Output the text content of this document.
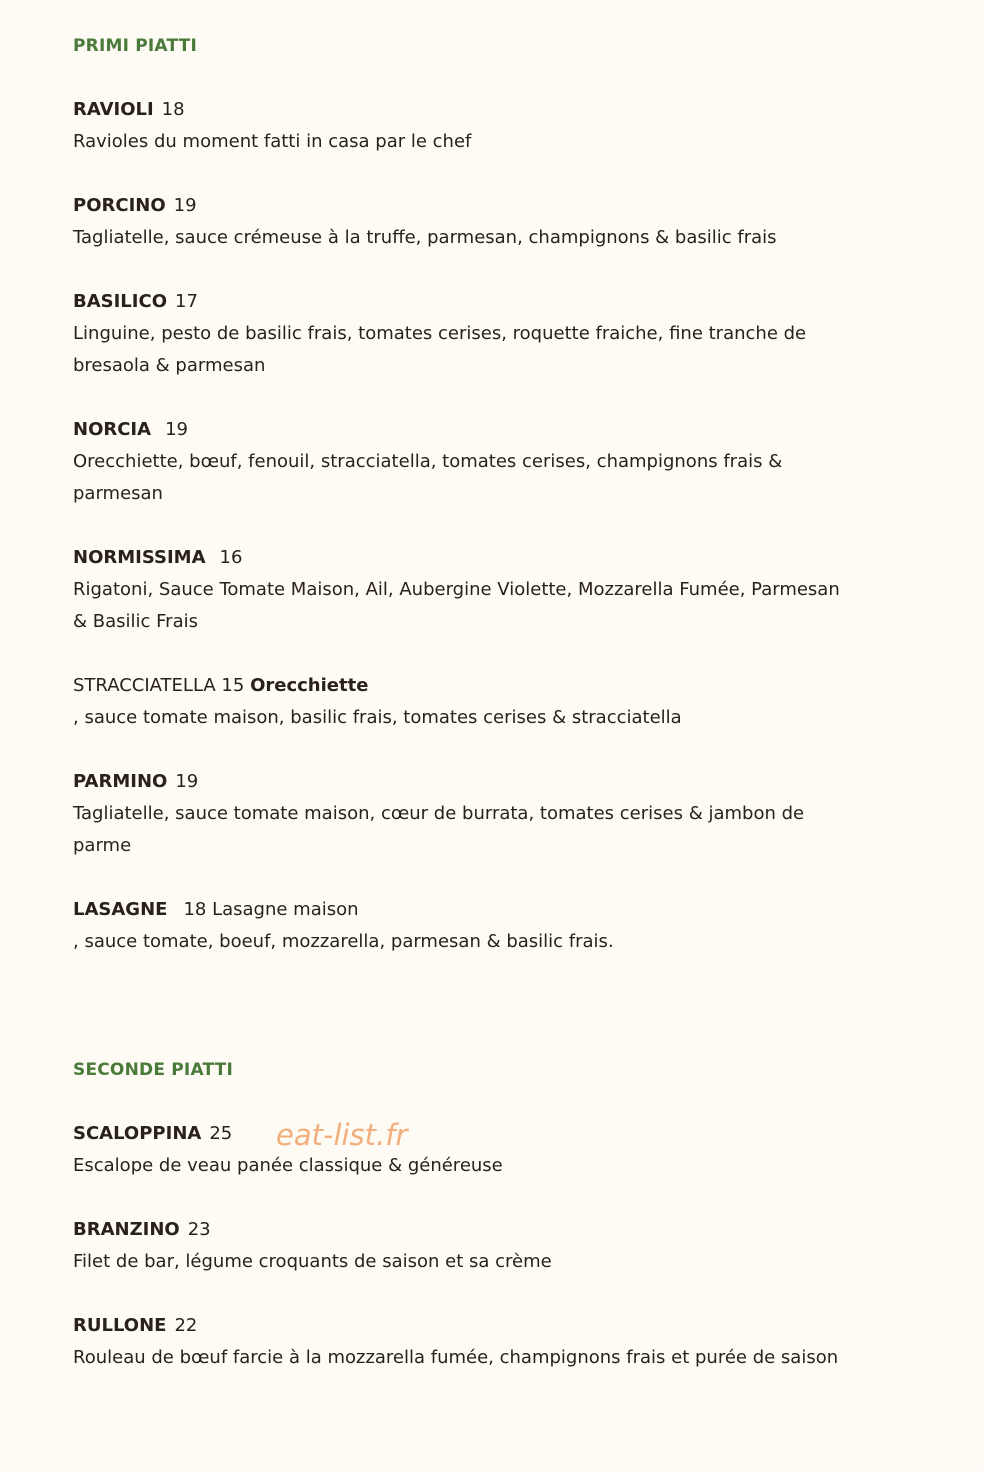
PRIMI PIATTI
RAVIOLI 18
Ravioles du moment fatti in casa par le chef
PORCINO 19
Tagliatelle, sauce crémeuse à la truffe, parmesan, champignons & basilic frais
BASILICO 17
Linguine, pesto de basilic frais, tomates cerises, roquette fraiche, fine tranche de bresaola & parmesan
NORCIA 19
Orecchiette, bœuf, fenouil, stracciatella, tomates cerises, champignons frais & parmesan
NORMISSIMA 16
Rigatoni, Sauce Tomate Maison, Ail, Aubergine Violette, Mozzarella Fumée, Parmesan & Basilic Frais
STRACCIATELLA 15 Orecchiette
, sauce tomate maison, basilic frais, tomates cerises & stracciatella
PARMINO 19
Tagliatelle, sauce tomate maison, cœur de burrata, tomates cerises & jambon de parme
LASAGNE 18 Lasagne maison
, sauce tomate, boeuf, mozzarella, parmesan & basilic frais.
SECONDE PIATTI
SCALOPPINA 25
Escalope de veau panée classique & généreuse
BRANZINO 23
Filet de bar, légume croquants de saison et sa crème
RULLONE 22
Rouleau de bœuf farcie à la mozzarella fumée, champignons frais et purée de saison
eat-list.fr
